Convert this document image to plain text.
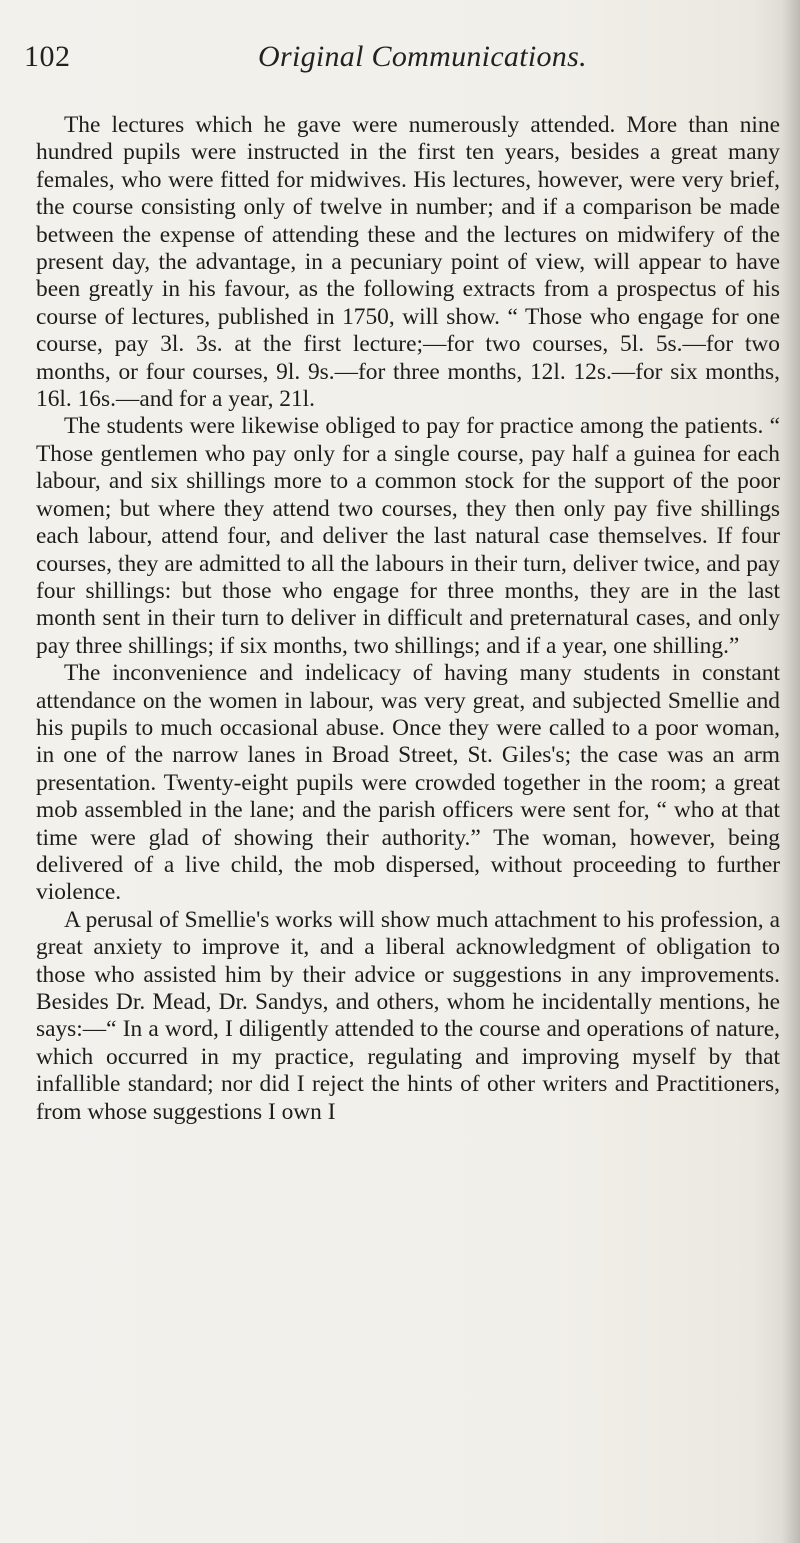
102	Original Communications.

The lectures which he gave were numerously attended. More than nine hundred pupils were instructed in the first ten years, besides a great many females, who were fitted for midwives. His lectures, however, were very brief, the course consisting only of twelve in number; and if a comparison be made between the expense of attending these and the lectures on midwifery of the present day, the advantage, in a pecuniary point of view, will appear to have been greatly in his favour, as the following extracts from a prospectus of his course of lectures, published in 1750, will show. “ Those who engage for one course, pay 3l. 3s. at the first lecture;—for two courses, 5l. 5s.—for two months, or four courses, 9l. 9s.—for three months, 12l. 12s.—for six months, 16l. 16s.—and for a year, 21l.

The students were likewise obliged to pay for practice among the patients. “ Those gentlemen who pay only for a single course, pay half a guinea for each labour, and six shillings more to a common stock for the support of the poor women; but where they attend two courses, they then only pay five shillings each labour, attend four, and deliver the last natural case themselves. If four courses, they are admitted to all the labours in their turn, deliver twice, and pay four shillings: but those who engage for three months, they are in the last month sent in their turn to deliver in difficult and preternatural cases, and only pay three shillings; if six months, two shillings; and if a year, one shilling.”

The inconvenience and indelicacy of having many students in constant attendance on the women in labour, was very great, and subjected Smellie and his pupils to much occasional abuse. Once they were called to a poor woman, in one of the narrow lanes in Broad Street, St. Giles's; the case was an arm presentation. Twenty-eight pupils were crowded together in the room; a great mob assembled in the lane; and the parish officers were sent for, “ who at that time were glad of showing their authority.” The woman, however, being delivered of a live child, the mob dispersed, without proceeding to further violence.

A perusal of Smellie's works will show much attachment to his profession, a great anxiety to improve it, and a liberal acknowledgment of obligation to those who assisted him by their advice or suggestions in any improvements. Besides Dr. Mead, Dr. Sandys, and others, whom he incidentally mentions, he says:—“ In a word, I diligently attended to the course and operations of nature, which occurred in my practice, regulating and improving myself by that infallible standard; nor did I reject the hints of other writers and Practitioners, from whose suggestions I own I
